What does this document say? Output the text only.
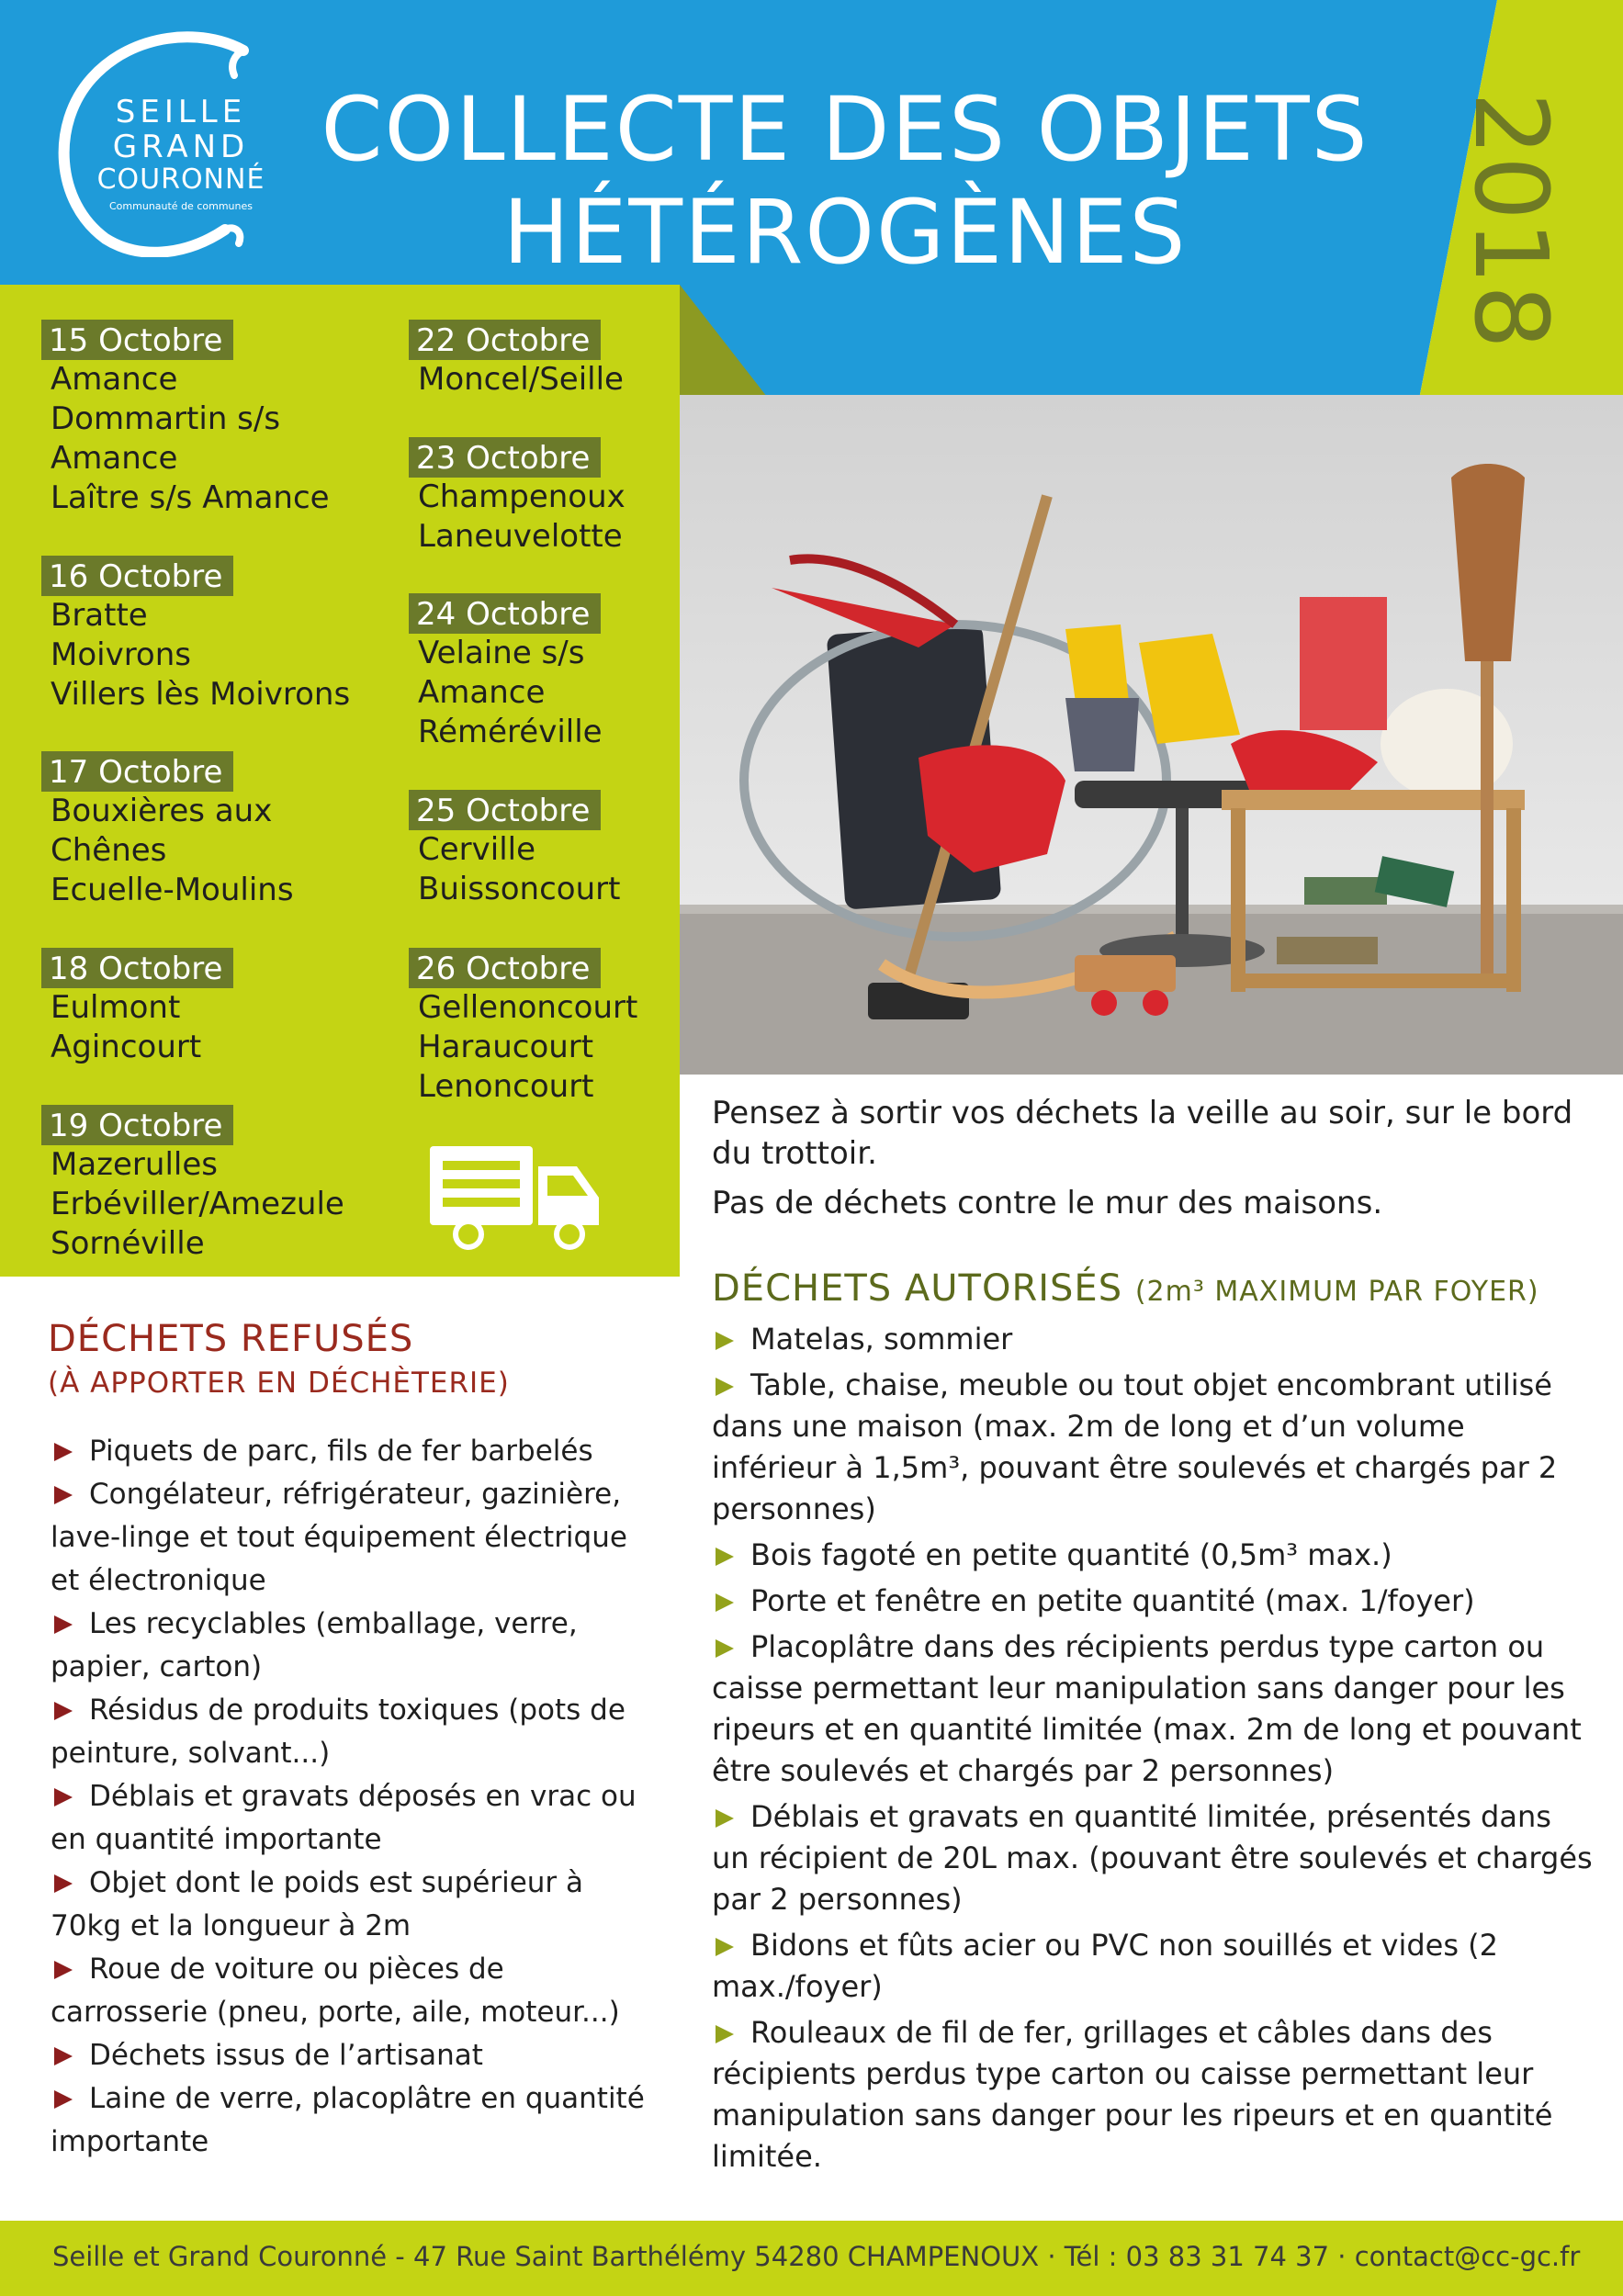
SEILLE
GRAND
COURONNÉ
Communauté de communes
COLLECTE DES OBJETS
HÉTÉROGÈNES	2018
15 Octobre
Amance
Dommartin s/s
Amance
Laître s/s Amance
16 Octobre
Bratte
Moivrons
Villers lès Moivrons
17 Octobre
Bouxières aux
Chênes
Ecuelle-Moulins
18 Octobre
Eulmont
Agincourt
19 Octobre
Mazerulles
Erbéviller/Amezule
Sornéville
22 Octobre
Moncel/Seille
23 Octobre
Champenoux
Laneuvelotte
24 Octobre
Velaine s/s
Amance
Réméréville
25 Octobre
Cerville
Buissoncourt
26 Octobre
Gellenoncourt
Haraucourt
Lenoncourt

Pensez à sortir vos déchets la veille au soir, sur le bord du trottoir.

Pas de déchets contre le mur des maisons.

DÉCHETS AUTORISÉS (2m³ MAXIMUM PAR FOYER)
Matelas, sommier
Table, chaise, meuble ou tout objet encombrant utilisé dans une maison (max. 2m de long et d’un volume inférieur à 1,5m³, pouvant être soulevés et chargés par 2 personnes)
Bois fagoté en petite quantité (0,5m³ max.)
Porte et fenêtre en petite quantité (max. 1/foyer)
Placoplâtre dans des récipients perdus type carton ou caisse permettant leur manipulation sans danger pour les ripeurs et en quantité limitée (max. 2m de long et pouvant être soulevés et chargés par 2 personnes)
Déblais et gravats en quantité limitée, présentés dans un récipient de 20L max. (pouvant être soulevés et chargés par 2 personnes)
Bidons et fûts acier ou PVC non souillés et vides (2 max./foyer)
Rouleaux de fil de fer, grillages et câbles dans des récipients perdus type carton ou caisse permettant leur manipulation sans danger pour les ripeurs et en quantité limitée.
DÉCHETS REFUSÉS
(À APPORTER EN DÉCHÈTERIE)
Piquets de parc, fils de fer barbelés
Congélateur, réfrigérateur, gazinière, lave-linge et tout équipement électrique et électronique
Les recyclables (emballage, verre, papier, carton)
Résidus de produits toxiques (pots de peinture, solvant...)
Déblais et gravats déposés en vrac ou en quantité importante
Objet dont le poids est supérieur à 70kg et la longueur à 2m
Roue de voiture ou pièces de carrosserie (pneu, porte, aile, moteur...)
Déchets issus de l’artisanat
Laine de verre, placoplâtre en quantité importante
Seille et Grand Couronné - 47 Rue Saint Barthélémy 54280 CHAMPENOUX · Tél : 03 83 31 74 37 · contact@cc-gc.fr
